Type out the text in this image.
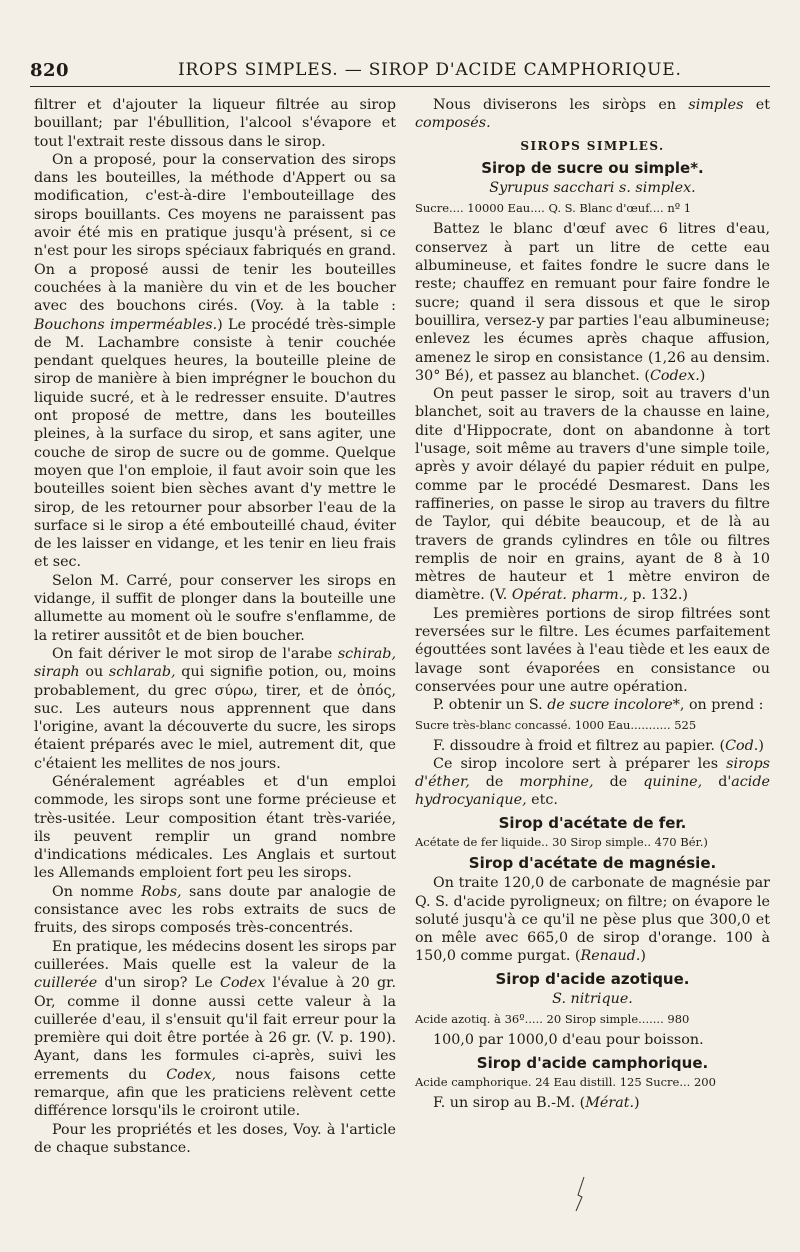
820	IROPS SIMPLES. — SIROP D'ACIDE CAMPHORIQUE.

filtrer et d'ajouter la liqueur filtrée au sirop bouillant; par l'ébullition, l'alcool s'évapore et tout l'extrait reste dissous dans le sirop.

On a proposé, pour la conservation des sirops dans les bouteilles, la méthode d'Appert ou sa modification, c'est-à-dire l'embouteillage des sirops bouillants. Ces moyens ne paraissent pas avoir été mis en pratique jusqu'à présent, si ce n'est pour les sirops spéciaux fabriqués en grand. On a proposé aussi de tenir les bouteilles couchées à la manière du vin et de les boucher avec des bouchons cirés. (Voy. à la table : Bouchons imperméables.) Le procédé très-simple de M. Lachambre consiste à tenir couchée pendant quelques heures, la bouteille pleine de sirop de manière à bien imprégner le bouchon du liquide sucré, et à le redresser ensuite. D'autres ont proposé de mettre, dans les bouteilles pleines, à la surface du sirop, et sans agiter, une couche de sirop de sucre ou de gomme. Quelque moyen que l'on emploie, il faut avoir soin que les bouteilles soient bien sèches avant d'y mettre le sirop, de les retourner pour absorber l'eau de la surface si le sirop a été embouteillé chaud, éviter de les laisser en vidange, et les tenir en lieu frais et sec.

Selon M. Carré, pour conserver les sirops en vidange, il suffit de plonger dans la bouteille une allumette au moment où le soufre s'enflamme, de la retirer aussitôt et de bien boucher.

On fait dériver le mot sirop de l'arabe schirab, siraph ou schlarab, qui signifie potion, ou, moins probablement, du grec σύρω, tirer, et de ὀπός, suc. Les auteurs nous apprennent que dans l'origine, avant la découverte du sucre, les sirops étaient préparés avec le miel, autrement dit, que c'étaient les mellites de nos jours.

Généralement agréables et d'un emploi commode, les sirops sont une forme précieuse et très-usitée. Leur composition étant très-variée, ils peuvent remplir un grand nombre d'indications médicales. Les Anglais et surtout les Allemands emploient fort peu les sirops.

On nomme Robs, sans doute par analogie de consistance avec les robs extraits de sucs de fruits, des sirops composés très-concentrés.

En pratique, les médecins dosent les sirops par cuillerées. Mais quelle est la valeur de la cuillerée d'un sirop? Le Codex l'évalue à 20 gr. Or, comme il donne aussi cette valeur à la cuillerée d'eau, il s'ensuit qu'il fait erreur pour la première qui doit être portée à 26 gr. (V. p. 190). Ayant, dans les formules ci-après, suivi les errements du Codex, nous faisons cette remarque, afin que les praticiens relèvent cette différence lorsqu'ils le croiront utile.

Pour les propriétés et les doses, Voy. à l'article de chaque substance.

Nous diviserons les siròps en simples et composés.

SIROPS SIMPLES.
Sirop de sucre ou simple*.
Syrupus sacchari s. simplex.
Sucre.... 10000 Eau.... Q. S. Blanc d'œuf.... nº 1

Battez le blanc d'œuf avec 6 litres d'eau, conservez à part un litre de cette eau albumineuse, et faites fondre le sucre dans le reste; chauffez en remuant pour faire fondre le sucre; quand il sera dissous et que le sirop bouillira, versez-y par parties l'eau albumineuse; enlevez les écumes après chaque affusion, amenez le sirop en consistance (1,26 au densim. 30° Bé), et passez au blanchet. (Codex.)

On peut passer le sirop, soit au travers d'un blanchet, soit au travers de la chausse en laine, dite d'Hippocrate, dont on abandonne à tort l'usage, soit même au travers d'une simple toile, après y avoir délayé du papier réduit en pulpe, comme par le procédé Desmarest. Dans les raffineries, on passe le sirop au travers du filtre de Taylor, qui débite beaucoup, et de là au travers de grands cylindres en tôle ou filtres remplis de noir en grains, ayant de 8 à 10 mètres de hauteur et 1 mètre environ de diamètre. (V. Opérat. pharm., p. 132.)

Les premières portions de sirop filtrées sont reversées sur le filtre. Les écumes parfaitement égouttées sont lavées à l'eau tiède et les eaux de lavage sont évaporées en consistance ou conservées pour une autre opération.

P. obtenir un S. de sucre incolore*, on prend :

Sucre très-blanc concassé. 1000 Eau........... 525

F. dissoudre à froid et filtrez au papier. (Cod.)

Ce sirop incolore sert à préparer les sirops d'éther, de morphine, de quinine, d'acide hydrocyanique, etc.

Sirop d'acétate de fer.
Acétate de fer liquide.. 30 Sirop simple.. 470 Bér.)
Sirop d'acétate de magnésie.

On traite 120,0 de carbonate de magnésie par Q. S. d'acide pyroligneux; on filtre; on évapore le soluté jusqu'à ce qu'il ne pèse plus que 300,0 et on mêle avec 665,0 de sirop d'orange. 100 à 150,0 comme purgat. (Renaud.)

Sirop d'acide azotique.
S. nitrique.
Acide azotiq. à 36º..... 20 Sirop simple....... 980

100,0 par 1000,0 d'eau pour boisson.

Sirop d'acide camphorique.
Acide camphorique. 24 Eau distill. 125 Sucre... 200

F. un sirop au B.-M. (Mérat.)
